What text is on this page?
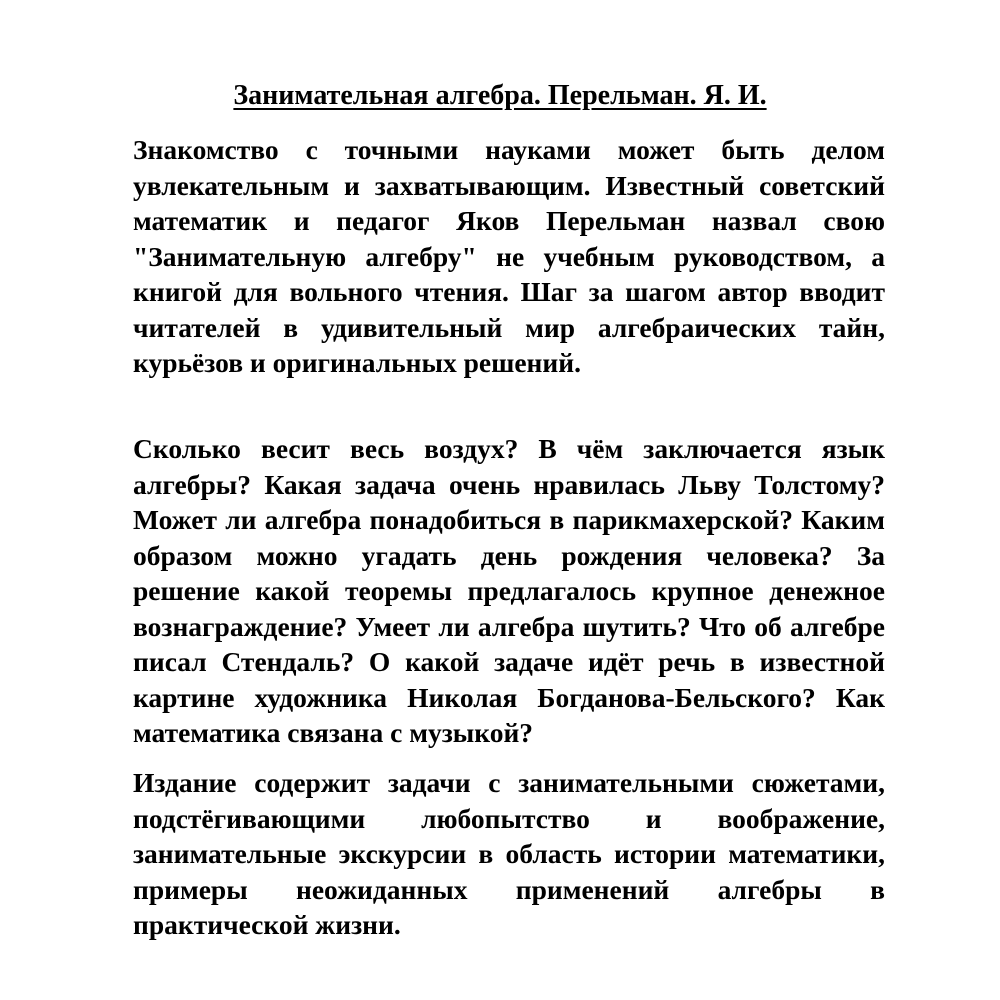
Занимательная алгебра. Перельман. Я. И.

Знакомство с точными науками может быть делом увлекательным и захватывающим. Известный советский математик и педагог Яков Перельман назвал свою "Занимательную алгебру" не учебным руководством, а книгой для вольного чтения. Шаг за шагом автор вводит читателей в удивительный мир алгебраических тайн, курьёзов и оригинальных решений.

Сколько весит весь воздух? В чём заключается язык алгебры? Какая задача очень нравилась Льву Толстому? Может ли алгебра понадобиться в парикмахерской? Каким образом можно угадать день рождения человека? За решение какой теоремы предлагалось крупное денежное вознаграждение? Умеет ли алгебра шутить? Что об алгебре писал Стендаль? О какой задаче идёт речь в известной картине художника Николая Богданова-Бельского? Как математика связана с музыкой?

Издание содержит задачи с занимательными сюжетами, подстёгивающими любопытство и воображение, занимательные экскурсии в область истории математики, примеры неожиданных применений алгебры в практической жизни.
